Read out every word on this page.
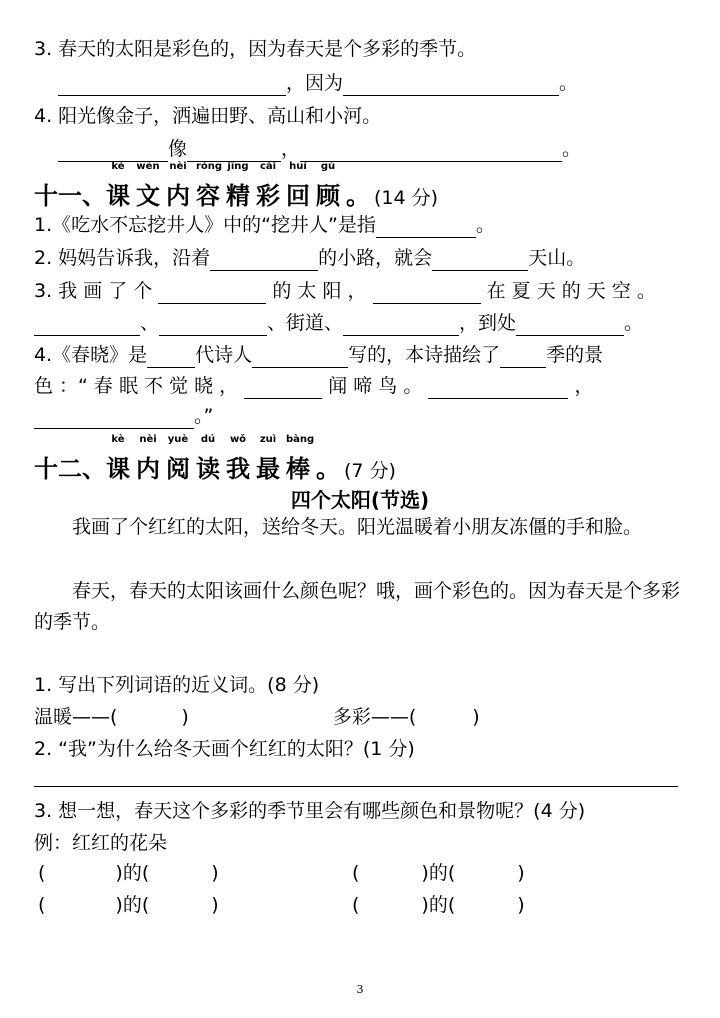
3. 春天的太阳是彩色的，因为春天是个多彩的季节。
，因为	。
4. 阳光像金子，洒遍田野、高山和小河。
像	，	。
十一、
kè
课
wén
文
nèi
内
róng
容
jīng
精
cǎi
彩
huí
回
gù
顾 。 (14 分)
1.《吃水不忘挖井人》中的“挖井人”是指	。
2. 妈妈告诉我，沿着	的小路，就会	天山。
3. 我 画 了 个	的 太 阳 ，	在 夏 天 的 天 空 。
、	、街道、	，到处	。
4.《春晓》是	代诗人	写的，本诗描绘了 季的景
色 ：“ 春 眠 不 觉 晓 ，	闻 啼 鸟 。	，
。”
十二、
kè
课
nèi
内
yuè
阅
dú
读
wǒ
我
zuì
最
bàng
棒 。 (7 分)
四个太阳(节选)
我画了个红红的太阳，送给冬天。阳光温暖着小朋友冻僵的手和脸。
春天，春天的太阳该画什么颜色呢？哦，画个彩色的。因为春天是个多彩的季节。
1. 写出下列词语的近义词。(8 分)
温暖——(	)	多彩——(	)
2. “我”为什么给冬天画个红红的太阳？(1 分)
3. 想一想，春天这个多彩的季节里会有哪些颜色和景物呢？(4 分)
例：红红的花朵
(	)的(	)	(	)的(	)
(	)的(	)	(	)的(	)
3
